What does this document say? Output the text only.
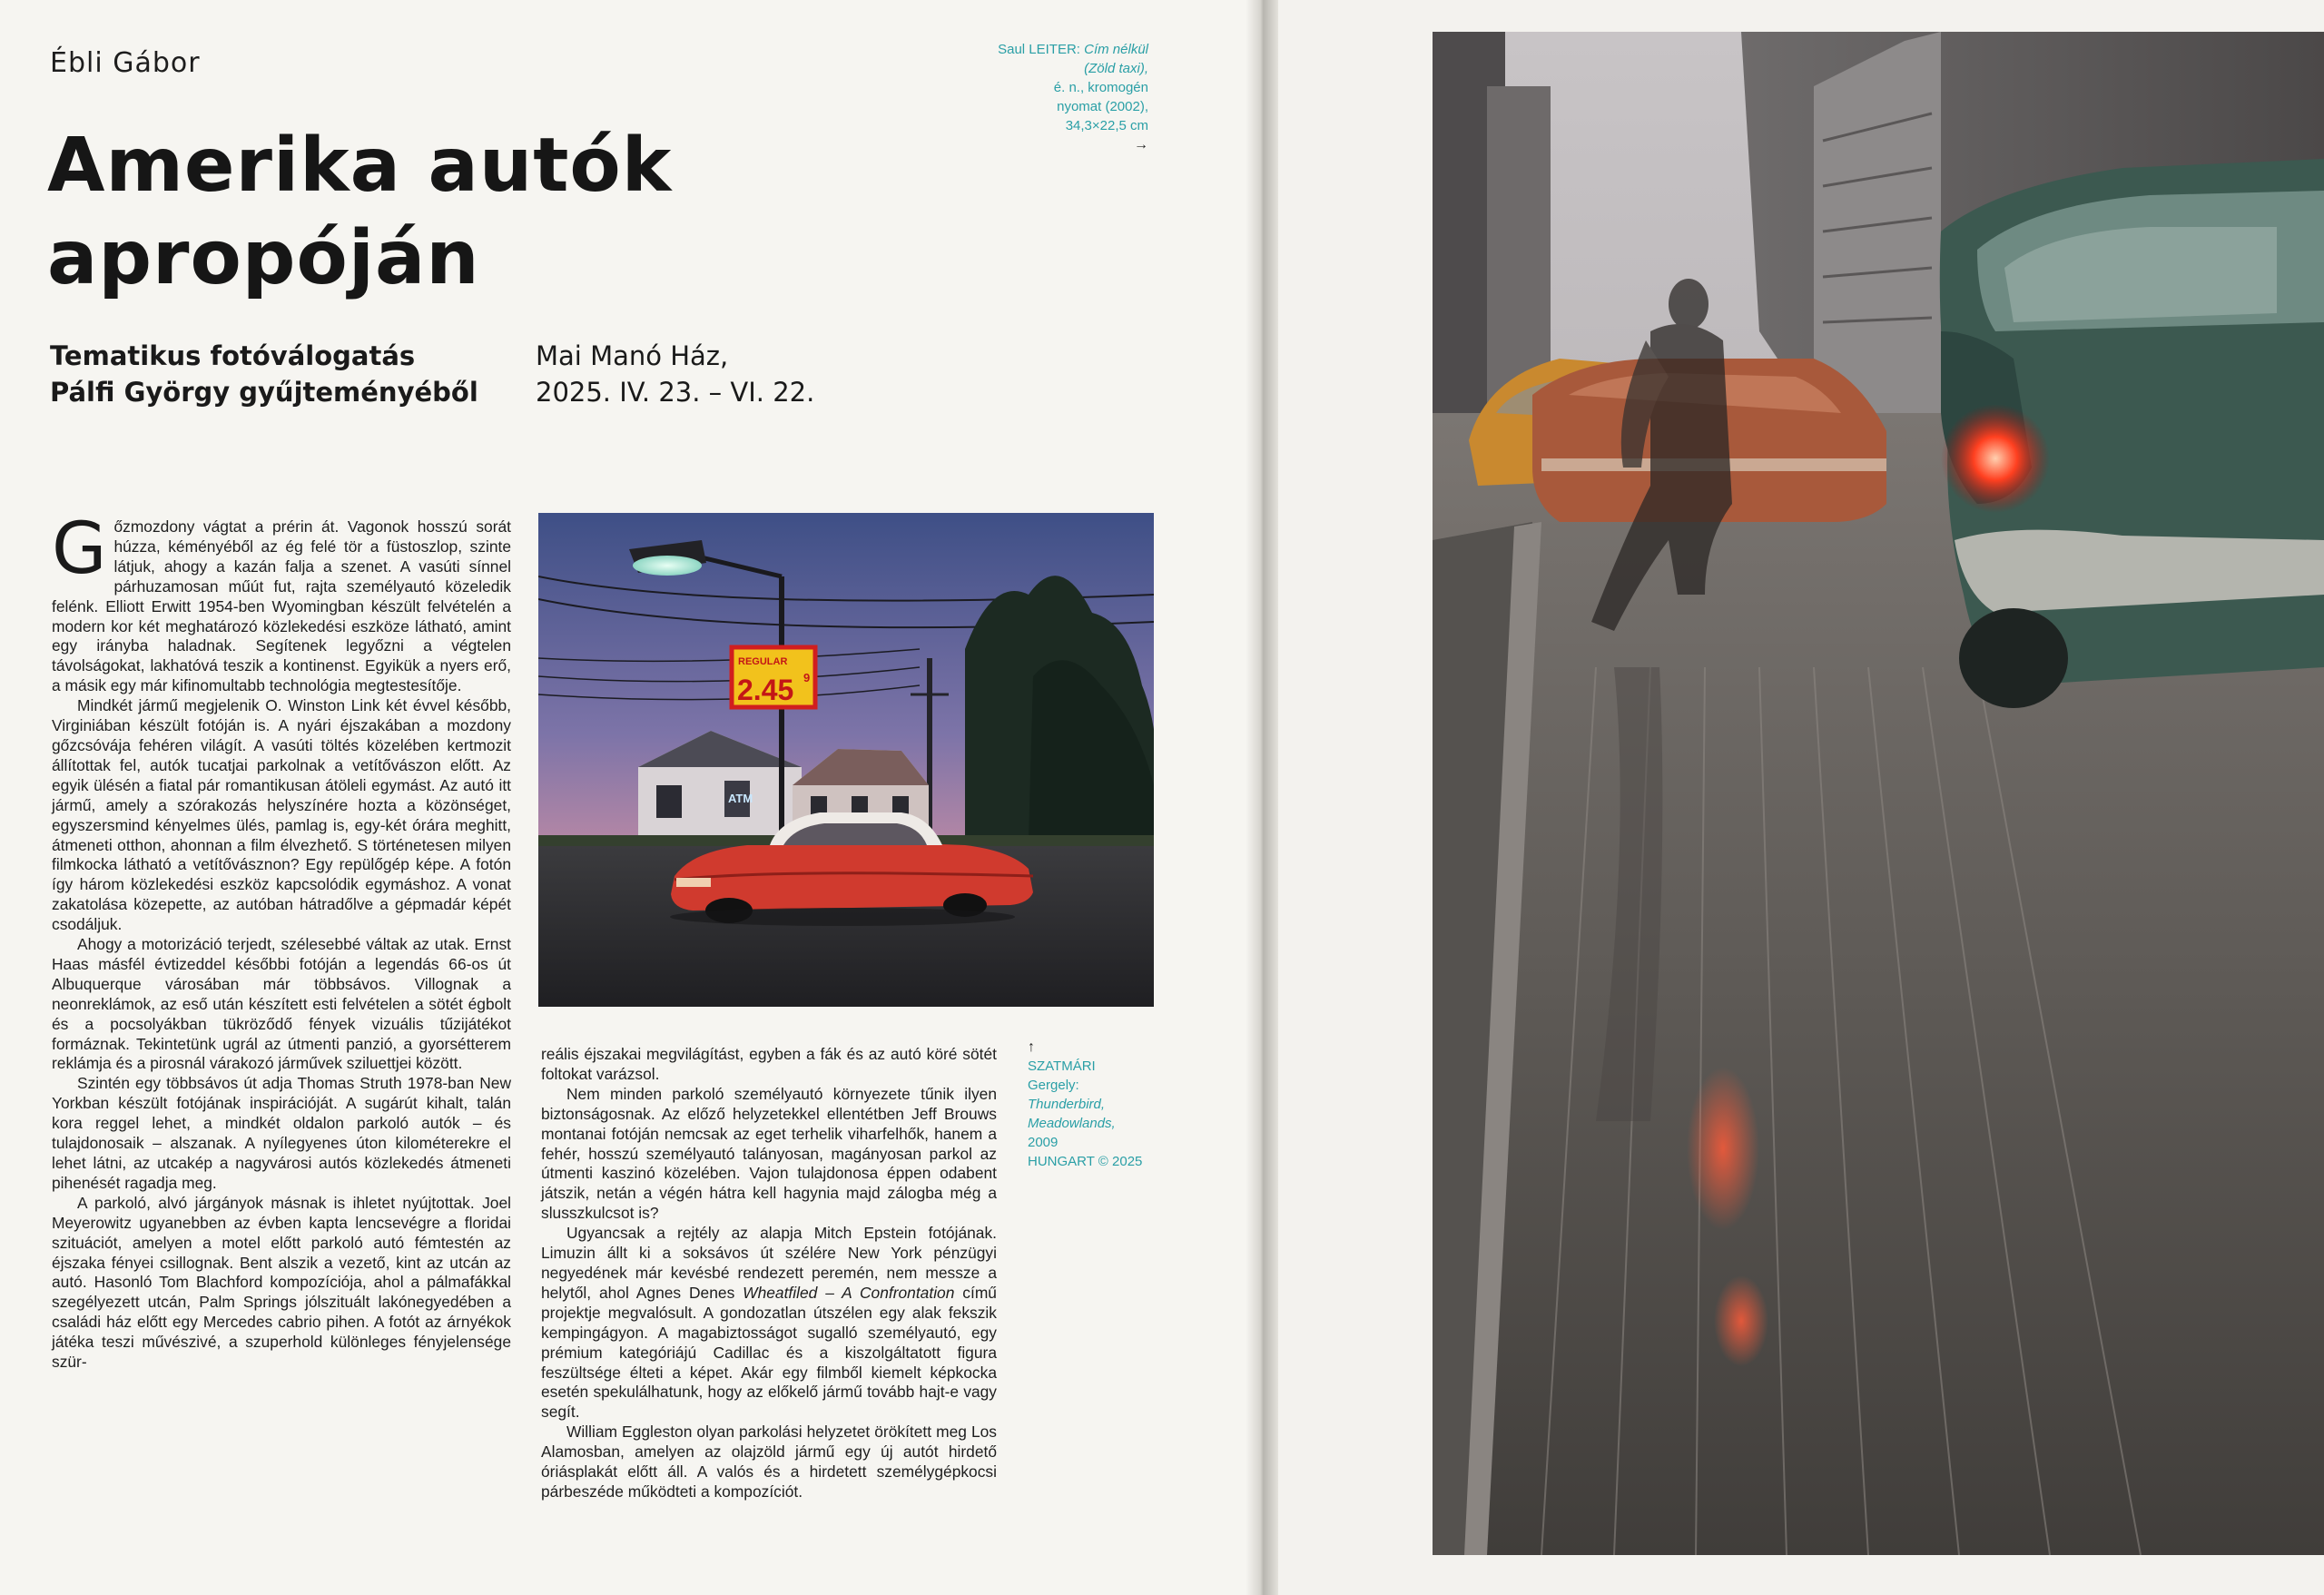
Ébli Gábor
Amerika autók
apropóján
Tematikus fotóválogatás
Pálfi György gyűjteményéből
Mai Manó Ház,
2025. IV. 23. – VI. 22.
Saul LEITER: Cím nélkül (Zöld taxi),
é. n., kromogén
nyomat (2002),
34,3×22,5 cm
→
ATM
REGULAR
2.45 9
↑
SZATMÁRI
Gergely:
Thunderbird,
Meadowlands,
2009
HUNGART © 2025

Gőzmozdony vágtat a prérin át. Vagonok hosszú sorát húzza, kéményéből az ég felé tör a füstoszlop, szinte látjuk, ahogy a kazán falja a szenet. A vasúti sínnel párhuzamosan műút fut, rajta személyautó közeledik felénk. Elliott Erwitt 1954-ben Wyomingban készült felvételén a modern kor két meghatározó közlekedési eszköze látható, amint egy irányba haladnak. Segítenek legyőzni a végtelen távolságokat, lakhatóvá teszik a kontinenst. Egyikük a nyers erő, a másik egy már kifinomultabb technológia megtestesítője.

Mindkét jármű megjelenik O. Winston Link két évvel később, Virginiában készült fotóján is. A nyári éjszakában a mozdony gőzcsóvája fehéren világít. A vasúti töltés közelében kertmozit állítottak fel, autók tucatjai parkolnak a vetítővászon előtt. Az egyik ülésén a fiatal pár romantikusan átöleli egymást. Az autó itt jármű, amely a szórakozás helyszínére hozta a közönséget, egyszersmind kényelmes ülés, pamlag is, egy-két órára meghitt, átmeneti otthon, ahonnan a film élvezhető. S történetesen milyen filmkocka látható a vetítővásznon? Egy repülőgép képe. A fotón így három közlekedési eszköz kapcsolódik egymáshoz. A vonat zakatolása közepette, az autóban hátradőlve a gépmadár képét csodáljuk.

Ahogy a motorizáció terjedt, szélesebbé váltak az utak. Ernst Haas másfél évtizeddel későbbi fotóján a legendás 66-os út Albuquerque városában már többsávos. Villognak a neonreklámok, az eső után készített esti felvételen a sötét égbolt és a pocsolyákban tükröződő fények vizuális tűzijátékot formáznak. Tekintetünk ugrál az útmenti panzió, a gyorsétterem reklámja és a pirosnál várakozó járművek sziluettjei között.

Szintén egy többsávos út adja Thomas Struth 1978-ban New Yorkban készült fotójának inspirációját. A sugárút kihalt, talán kora reggel lehet, a mindkét oldalon parkoló autók – és tulajdonosaik – alszanak. A nyílegyenes úton kilométerekre el lehet látni, az utcakép a nagyvárosi autós közlekedés átmeneti pihenését ragadja meg.

A parkoló, alvó járgányok másnak is ihletet nyújtottak. Joel Meyerowitz ugyanebben az évben kapta lencsevégre a floridai szituációt, amelyen a motel előtt parkoló autó fémtestén az éjszaka fényei csillognak. Bent alszik a vezető, kint az utcán az autó. Hasonló Tom Blachford kompozíciója, ahol a pálmafákkal szegélyezett utcán, Palm Springs jólszituált lakónegyedében a családi ház előtt egy Mercedes cabrio pihen. A fotót az árnyékok játéka teszi művészivé, a szuperhold különleges fényjelensége szür-

reális éjszakai megvilágítást, egyben a fák és az autó köré sötét foltokat varázsol.

Nem minden parkoló személyautó környezete tűnik ilyen biztonságosnak. Az előző helyzetekkel ellentétben Jeff Brouws montanai fotóján nemcsak az eget terhelik viharfelhők, hanem a fehér, hosszú személyautó talányosan, magányosan parkol az útmenti kaszinó közelében. Vajon tulajdonosa éppen odabent játszik, netán a végén hátra kell hagynia majd zálogba még a slusszkulcsot is?

Ugyancsak a rejtély az alapja Mitch Epstein fotójának. Limuzin állt ki a soksávos út szélére New York pénzügyi negyedének már kevésbé rendezett peremén, nem messze a helytől, ahol Agnes Denes Wheatfiled – A Confrontation című projektje megvalósult. A gondozatlan útszélen egy alak fekszik kempingágyon. A magabiztosságot sugalló személyautó, egy prémium kategóriájú Cadillac és a kiszolgáltatott figura feszültsége élteti a képet. Akár egy filmből kiemelt képkocka esetén spekulálhatunk, hogy az előkelő jármű tovább hajt-e vagy segít.

William Eggleston olyan parkolási helyzetet örökített meg Los Alamosban, amelyen az olajzöld jármű egy új autót hirdető óriásplakát előtt áll. A valós és a hirdetett személygépkocsi párbeszéde működteti a kompozíciót.
